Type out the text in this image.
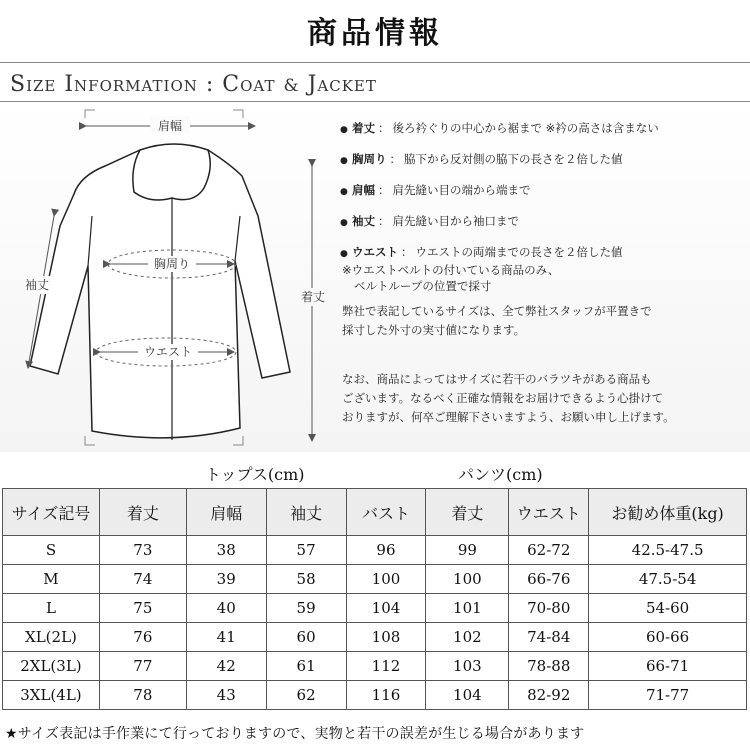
商品情報
Size Information : Coat & Jacket
肩幅
袖丈
着丈
胸周り
ウエスト
● 着丈 ： 後ろ衿ぐりの中心から裾まで ※衿の高さは含まない
● 胸周り ： 脇下から反対側の脇下の長さを２倍した値
● 肩幅 ： 肩先縫い目の端から端まで
● 袖丈 ： 肩先縫い目から袖口まで
● ウエスト ： ウエストの両端までの長さを２倍した値
※ウエストベルトの付いている商品のみ、
ベルトループの位置で採寸
弊社で表記しているサイズは、全て弊社スタッフが平置きで
採寸した外寸の実寸値になります。
なお、商品によってはサイズに若干のバラツキがある商品も
ございます。なるべく正確な情報をお届けできるよう心掛けて
おりますが、何卒ご理解下さいますよう、お願い申し上げます。
トップス(cm)	パンツ(cm)
サイズ記号	着丈	肩幅	袖丈	バスト	着丈	ウエスト	お勧め体重(kg)
S	73	38	57	96	99	62-72	42.5-47.5
M	74	39	58	100	100	66-76	47.5-54
L	75	40	59	104	101	70-80	54-60
XL(2L)	76	41	60	108	102	74-84	60-66
2XL(3L)	77	42	61	112	103	78-88	66-71
3XL(4L)	78	43	62	116	104	82-92	71-77
★サイズ表記は手作業にて行っておりますので、実物と若干の誤差が生じる場合があります
